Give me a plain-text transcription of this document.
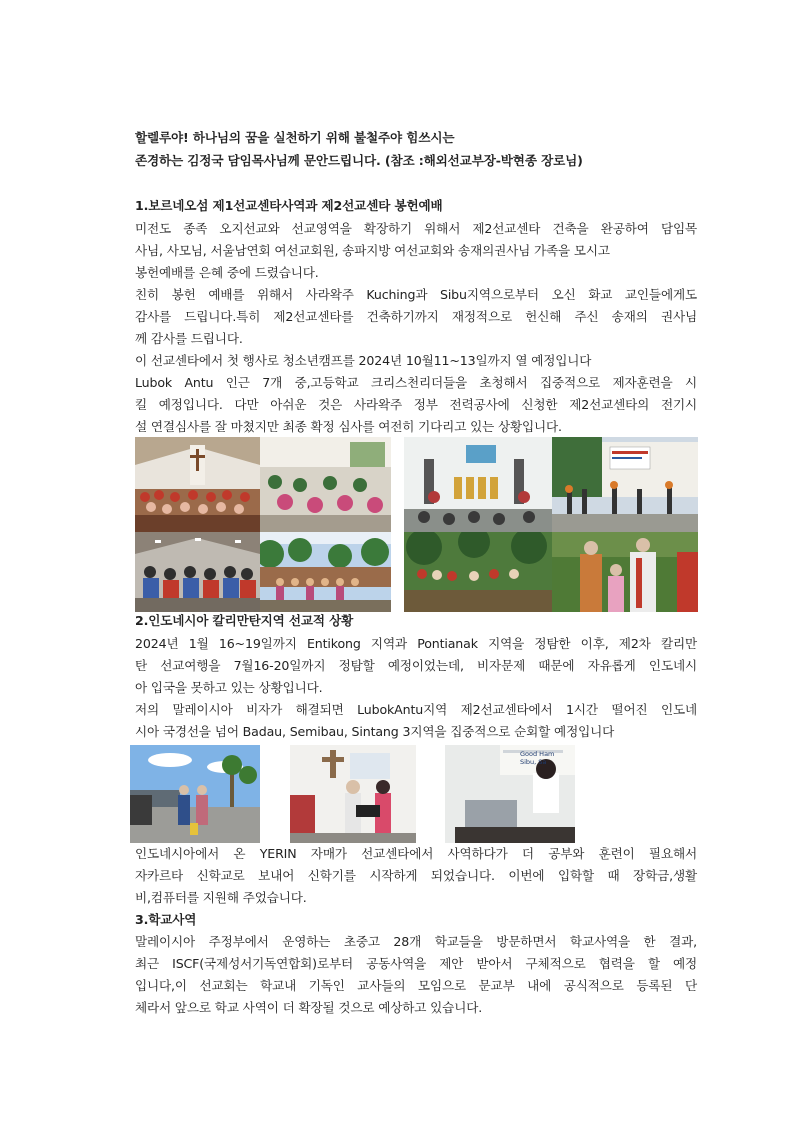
할렐루야! 하나님의 꿈을 실천하기 위해 불철주야 힘쓰시는
존경하는 김정국 담임목사님께 문안드립니다. (참조 :해외선교부장-박현종 장로님)
1.보르네오섬 제1선교센타사역과 제2선교센타 봉헌예배
미전도 종족 오지선교와 선교영역을 확장하기 위해서 제2선교센타 건축을 완공하여 담임목
사님, 사모님, 서울남연회 여선교회원, 송파지방 여선교회와 송재의권사님 가족을 모시고
봉헌예배를 은혜 중에 드렸습니다.
친히 봉헌 예배를 위해서 사라왁주 Kuching과 Sibu지역으로부터 오신 화교 교인들에게도
감사를 드립니다.특히 제2선교센타를 건축하기까지 재정적으로 헌신해 주신 송재의 권사님
께 감사를 드립니다.
이 선교센타에서 첫 행사로 청소년캠프를 2024년 10월11~13일까지 열 예정입니다
Lubok Antu 인근 7개 중,고등학교 크리스천리더들을 초청해서 집중적으로 제자훈련을 시
킬 예정입니다. 다만 아쉬운 것은 사라왁주 정부 전력공사에 신청한 제2선교센타의 전기시
설 연결심사를 잘 마쳤지만 최종 확정 심사를 여전히 기다리고 있는 상황입니다.
2.인도네시아 칼리만탄지역 선교적 상황
2024년 1월 16~19일까지 Entikong 지역과 Pontianak 지역을 정탐한 이후, 제2차 칼리만
탄 선교여행을 7월16-20일까지 정탐할 예정이었는데, 비자문제 때문에 자유롭게 인도네시
아 입국을 못하고 있는 상황입니다.
저의 말레이시아 비자가 해결되면 LubokAntu지역 제2선교센타에서 1시간 떨어진 인도네
시아 국경선을 넘어 Badau, Semibau, Sintang 3지역을 집중적으로 순회할 예정입니다
Good Ham
Sibu, Sa
인도네시아에서 온 YERIN 자매가 선교센타에서 사역하다가 더 공부와 훈련이 필요해서
자카르타 신학교로 보내어 신학기를 시작하게 되었습니다. 이번에 입학할 때 장학금,생활
비,컴퓨터를 지원해 주었습니다.
3.학교사역
말레이시아 주정부에서 운영하는 초중고 28개 학교들을 방문하면서 학교사역을 한 결과,
최근 ISCF(국제성서기독연합회)로부터 공동사역을 제안 받아서 구체적으로 협력을 할 예정
입니다,이 선교회는 학교내 기독인 교사들의 모임으로 문교부 내에 공식적으로 등록된 단
체라서 앞으로 학교 사역이 더 확장될 것으로 예상하고 있습니다.
